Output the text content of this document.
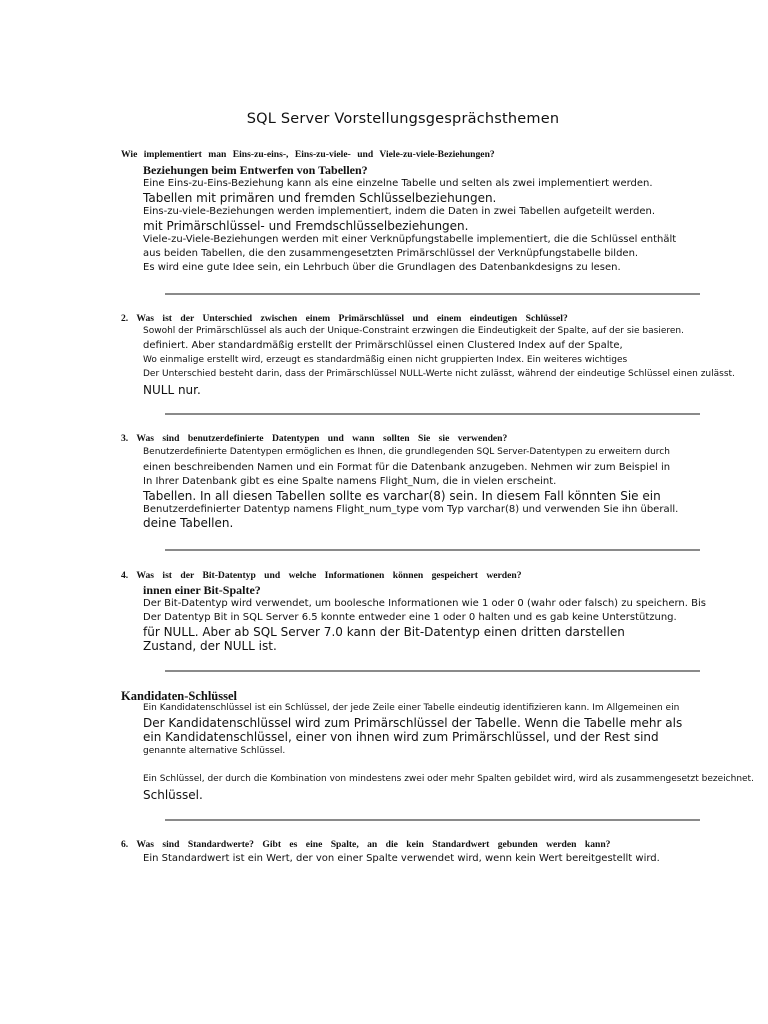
SQL Server Vorstellungsgesprächsthemen
Wie implementiert man Eins-zu-eins-, Eins-zu-viele- und Viele-zu-viele-Beziehungen?
Beziehungen beim Entwerfen von Tabellen?
Eine Eins-zu-Eins-Beziehung kann als eine einzelne Tabelle und selten als zwei implementiert werden.
Tabellen mit primären und fremden Schlüsselbeziehungen.
Eins-zu-viele-Beziehungen werden implementiert, indem die Daten in zwei Tabellen aufgeteilt werden.
mit Primärschlüssel- und Fremdschlüsselbeziehungen.
Viele-zu-Viele-Beziehungen werden mit einer Verknüpfungstabelle implementiert, die die Schlüssel enthält
aus beiden Tabellen, die den zusammengesetzten Primärschlüssel der Verknüpfungstabelle bilden.
Es wird eine gute Idee sein, ein Lehrbuch über die Grundlagen des Datenbankdesigns zu lesen.
2. Was ist der Unterschied zwischen einem Primärschlüssel und einem eindeutigen Schlüssel?
Sowohl der Primärschlüssel als auch der Unique-Constraint erzwingen die Eindeutigkeit der Spalte, auf der sie basieren.
definiert. Aber standardmäßig erstellt der Primärschlüssel einen Clustered Index auf der Spalte,
Wo einmalige erstellt wird, erzeugt es standardmäßig einen nicht gruppierten Index. Ein weiteres wichtiges
Der Unterschied besteht darin, dass der Primärschlüssel NULL-Werte nicht zulässt, während der eindeutige Schlüssel einen zulässt.
NULL nur.
3. Was sind benutzerdefinierte Datentypen und wann sollten Sie sie verwenden?
Benutzerdefinierte Datentypen ermöglichen es Ihnen, die grundlegenden SQL Server-Datentypen zu erweitern durch
einen beschreibenden Namen und ein Format für die Datenbank anzugeben. Nehmen wir zum Beispiel in
In Ihrer Datenbank gibt es eine Spalte namens Flight_Num, die in vielen erscheint.
Tabellen. In all diesen Tabellen sollte es varchar(8) sein. In diesem Fall könnten Sie ein
Benutzerdefinierter Datentyp namens Flight_num_type vom Typ varchar(8) und verwenden Sie ihn überall.
deine Tabellen.
4. Was ist der Bit-Datentyp und welche Informationen können gespeichert werden?
innen einer Bit-Spalte?
Der Bit-Datentyp wird verwendet, um boolesche Informationen wie 1 oder 0 (wahr oder falsch) zu speichern. Bis
Der Datentyp Bit in SQL Server 6.5 konnte entweder eine 1 oder 0 halten und es gab keine Unterstützung.
für NULL. Aber ab SQL Server 7.0 kann der Bit-Datentyp einen dritten darstellen
Zustand, der NULL ist.
Kandidaten-Schlüssel
Ein Kandidatenschlüssel ist ein Schlüssel, der jede Zeile einer Tabelle eindeutig identifizieren kann. Im Allgemeinen ein
Der Kandidatenschlüssel wird zum Primärschlüssel der Tabelle. Wenn die Tabelle mehr als
ein Kandidatenschlüssel, einer von ihnen wird zum Primärschlüssel, und der Rest sind
genannte alternative Schlüssel.
Ein Schlüssel, der durch die Kombination von mindestens zwei oder mehr Spalten gebildet wird, wird als zusammengesetzt bezeichnet.
Schlüssel.
6. Was sind Standardwerte? Gibt es eine Spalte, an die kein Standardwert gebunden werden kann?
Ein Standardwert ist ein Wert, der von einer Spalte verwendet wird, wenn kein Wert bereitgestellt wird.
